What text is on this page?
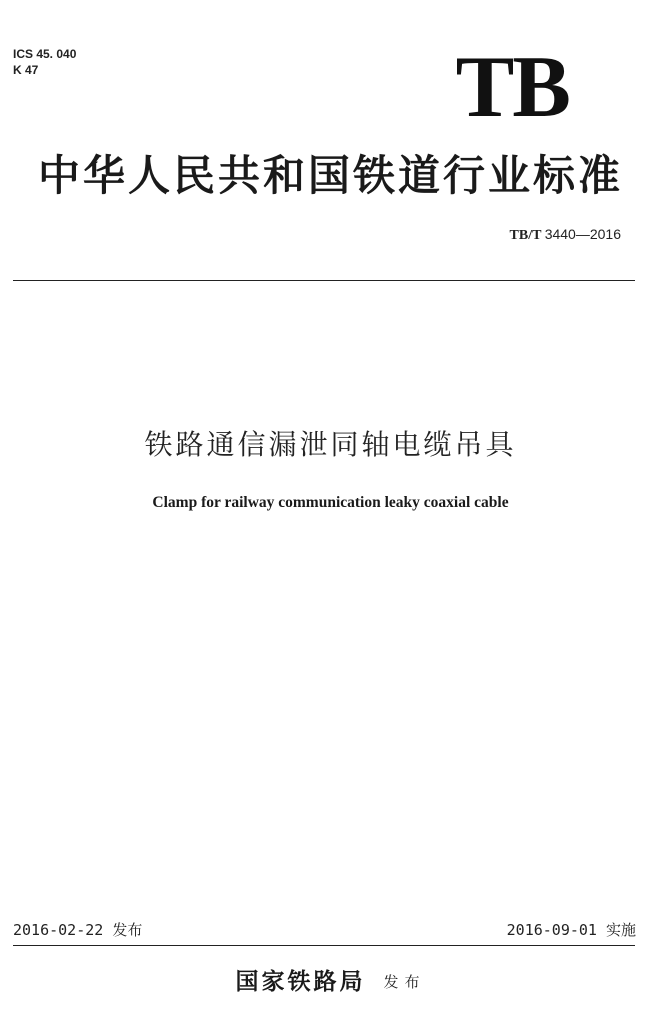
ICS 45. 040
K 47	TB
中华人民共和国铁道行业标准
TB/T 3440—2016
铁路通信漏泄同轴电缆吊具
Clamp for railway communication leaky coaxial cable
2016-02-22 发布	2016-09-01 实施
国家铁路局 发布
